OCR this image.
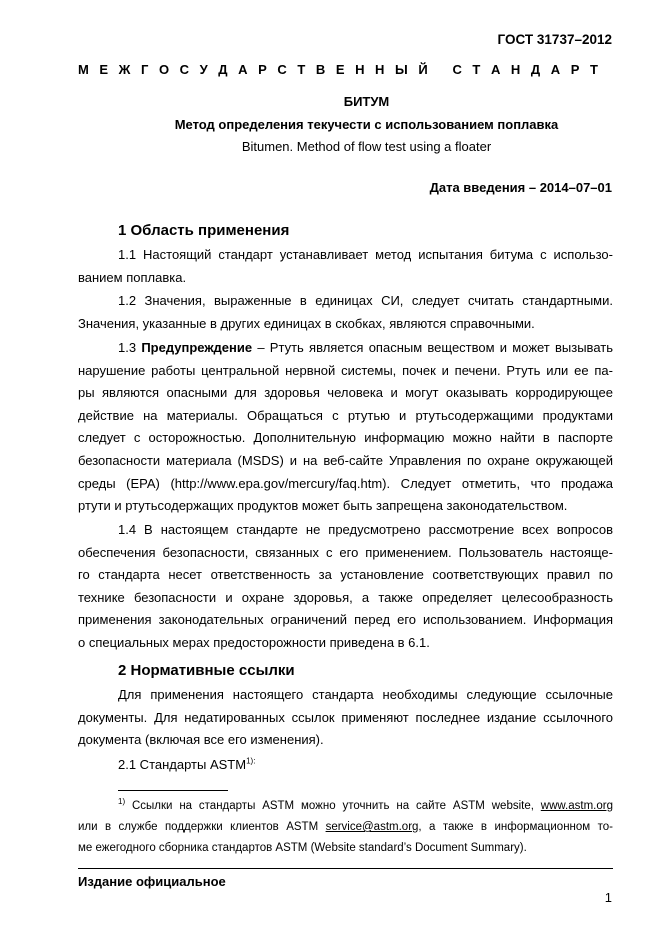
ГОСТ 31737–2012
М Е Ж Г О С У Д А Р С Т В Е Н Н Ы Й
С Т А Н Д А Р Т
БИТУМ
Метод определения текучести с использованием поплавка
Bitumen. Method of flow test using a floater
Дата введения – 2014–07–01
1 Область применения
1.1 Настоящий стандарт устанавливает метод испытания битума с использо-
ванием поплавка.
1.2 Значения, выраженные в единицах СИ, следует считать стандартными.
Значения, указанные в других единицах в скобках, являются справочными.
1.3 Предупреждение – Ртуть является опасным веществом и может вызывать
нарушение работы центральной нервной системы, почек и печени. Ртуть или ее па-
ры являются опасными для здоровья человека и могут оказывать корродирующее
действие на материалы. Обращаться с ртутью и ртутьсодержащими продуктами
следует с осторожностью. Дополнительную информацию можно найти в паспорте
безопасности материала (MSDS) и на веб-сайте Управления по охране окружающей
среды (EPA) (http://www.epa.gov/mercury/faq.htm). Следует отметить, что продажа
ртути и ртутьсодержащих продуктов может быть запрещена законодательством.
1.4 В настоящем стандарте не предусмотрено рассмотрение всех вопросов
обеспечения безопасности, связанных с его применением. Пользователь настояще-
го стандарта несет ответственность за установление соответствующих правил по
технике безопасности и охране здоровья, а также определяет целесообразность
применения законодательных ограничений перед его использованием. Информация
о специальных мерах предосторожности приведена в 6.1.
2 Нормативные ссылки
Для применения настоящего стандарта необходимы следующие ссылочные
документы. Для недатированных ссылок применяют последнее издание ссылочного
документа (включая все его изменения).
2.1 Стандарты $ASTM^{1):}$
$^{1)}$ Ссылки на стандарты ASTM можно уточнить на сайте ASTM website, www.astm.org
или в службе поддержки клиентов ASTM service@astm.org, а также в информационном то-
ме ежегодного сборника стандартов ASTM (Website standard’s Document Summary).
Издание официальное
1
